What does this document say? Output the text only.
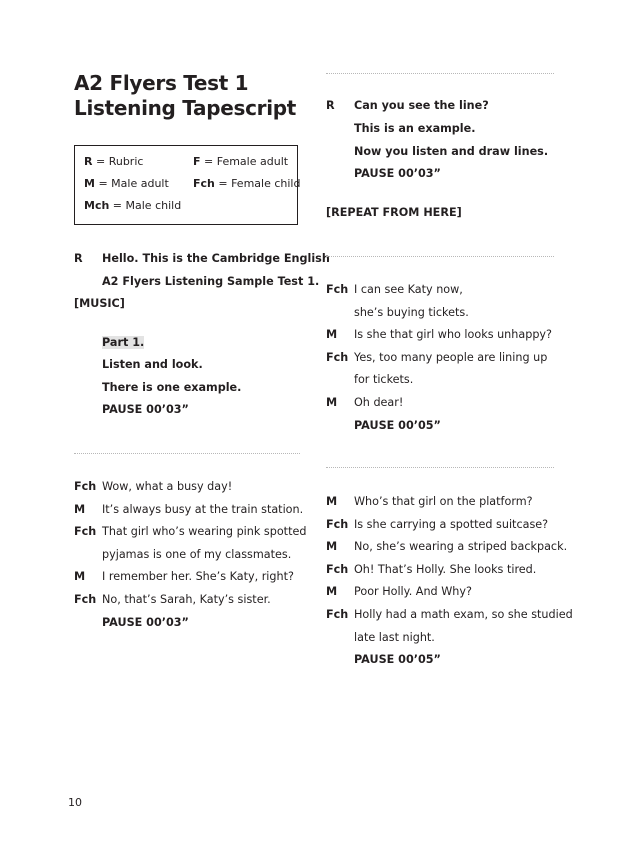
A2 Flyers Test 1
Listening Tapescript
R = Rubric	F = Female adult
M = Male adult Fch = Female child
Mch = Male child
R Hello. This is the Cambridge English
A2 Flyers Listening Sample Test 1.
[MUSIC]
Part 1.
Listen and look.
There is one example.
PAUSE 00’03”
Fch Wow, what a busy day!
M It’s always busy at the train station.
Fch That girl who’s wearing pink spotted
pyjamas is one of my classmates.
M I remember her. She’s Katy, right?
Fch No, that’s Sarah, Katy’s sister.
PAUSE 00’03”
R Can you see the line?
This is an example.
Now you listen and draw lines.
PAUSE 00’03”
[REPEAT FROM HERE]
Fch I can see Katy now,
she’s buying tickets.
M Is she that girl who looks unhappy?
Fch Yes, too many people are lining up
for tickets.
M Oh dear!
PAUSE 00’05”
M Who’s that girl on the platform?
Fch Is she carrying a spotted suitcase?
M No, she’s wearing a striped backpack.
Fch Oh! That’s Holly. She looks tired.
M Poor Holly. And Why?
Fch Holly had a math exam, so she studied
late last night.
PAUSE 00’05”
10
